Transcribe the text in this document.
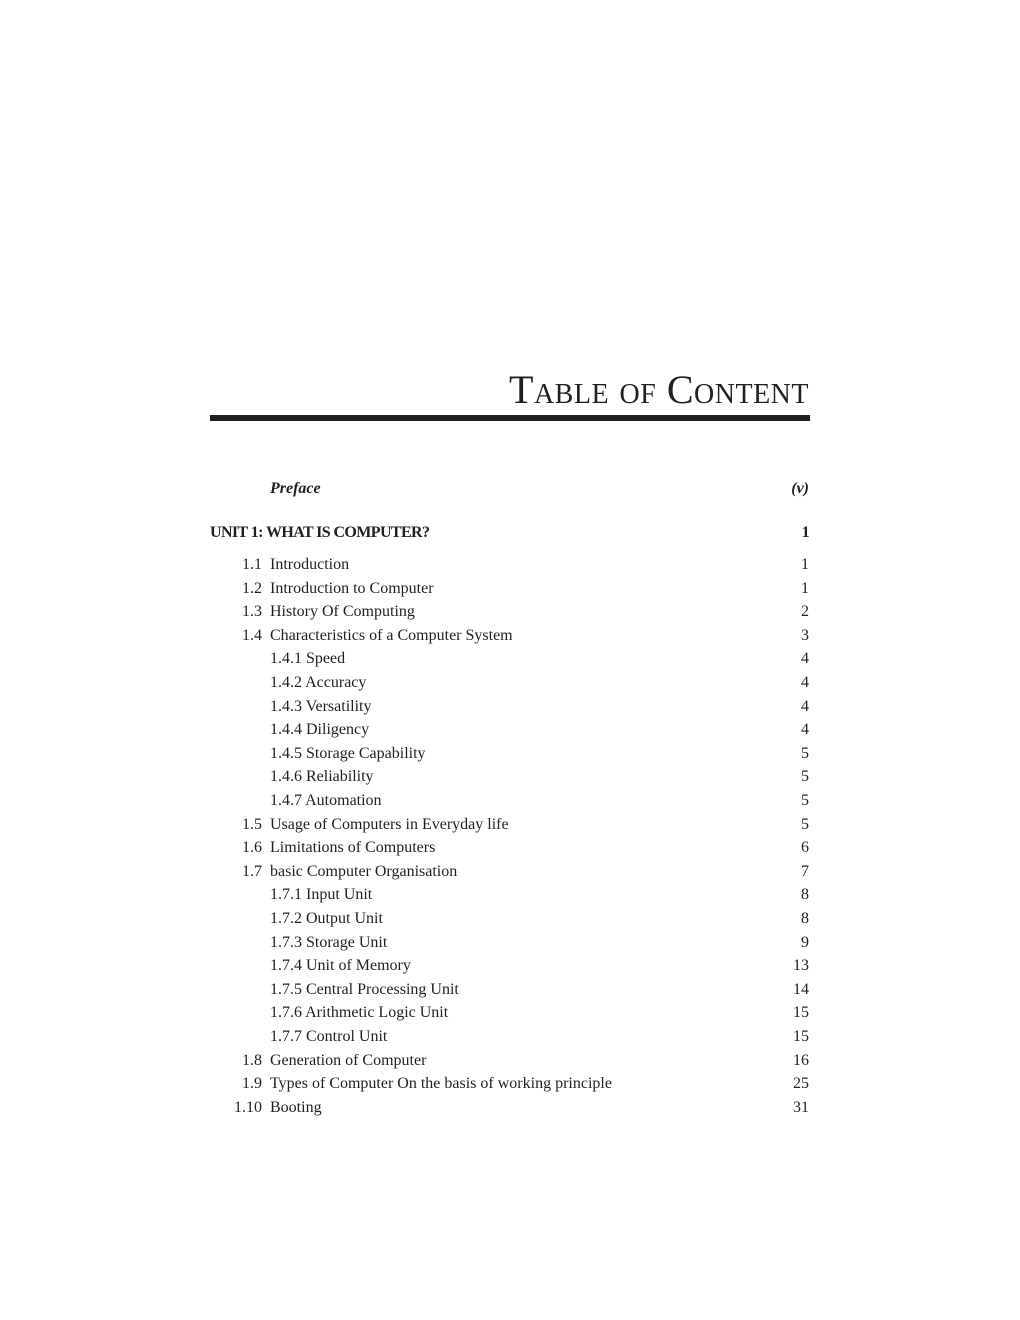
Table of Content
Preface	(v)
UNIT 1: WHAT IS COMPUTER?	1
1.1 Introduction	1
1.2 Introduction to Computer	1
1.3 History Of Computing	2
1.4 Characteristics of a Computer System	3
1.4.1 Speed	4
1.4.2 Accuracy	4
1.4.3 Versatility	4
1.4.4 Diligency	4
1.4.5 Storage Capability	5
1.4.6 Reliability	5
1.4.7 Automation	5
1.5 Usage of Computers in Everyday life	5
1.6 Limitations of Computers	6
1.7 basic Computer Organisation	7
1.7.1 Input Unit	8
1.7.2 Output Unit	8
1.7.3 Storage Unit	9
1.7.4 Unit of Memory	13
1.7.5 Central Processing Unit	14
1.7.6 Arithmetic Logic Unit	15
1.7.7 Control Unit	15
1.8 Generation of Computer	16
1.9 Types of Computer On the basis of working principle	25
1.10 Booting	31
